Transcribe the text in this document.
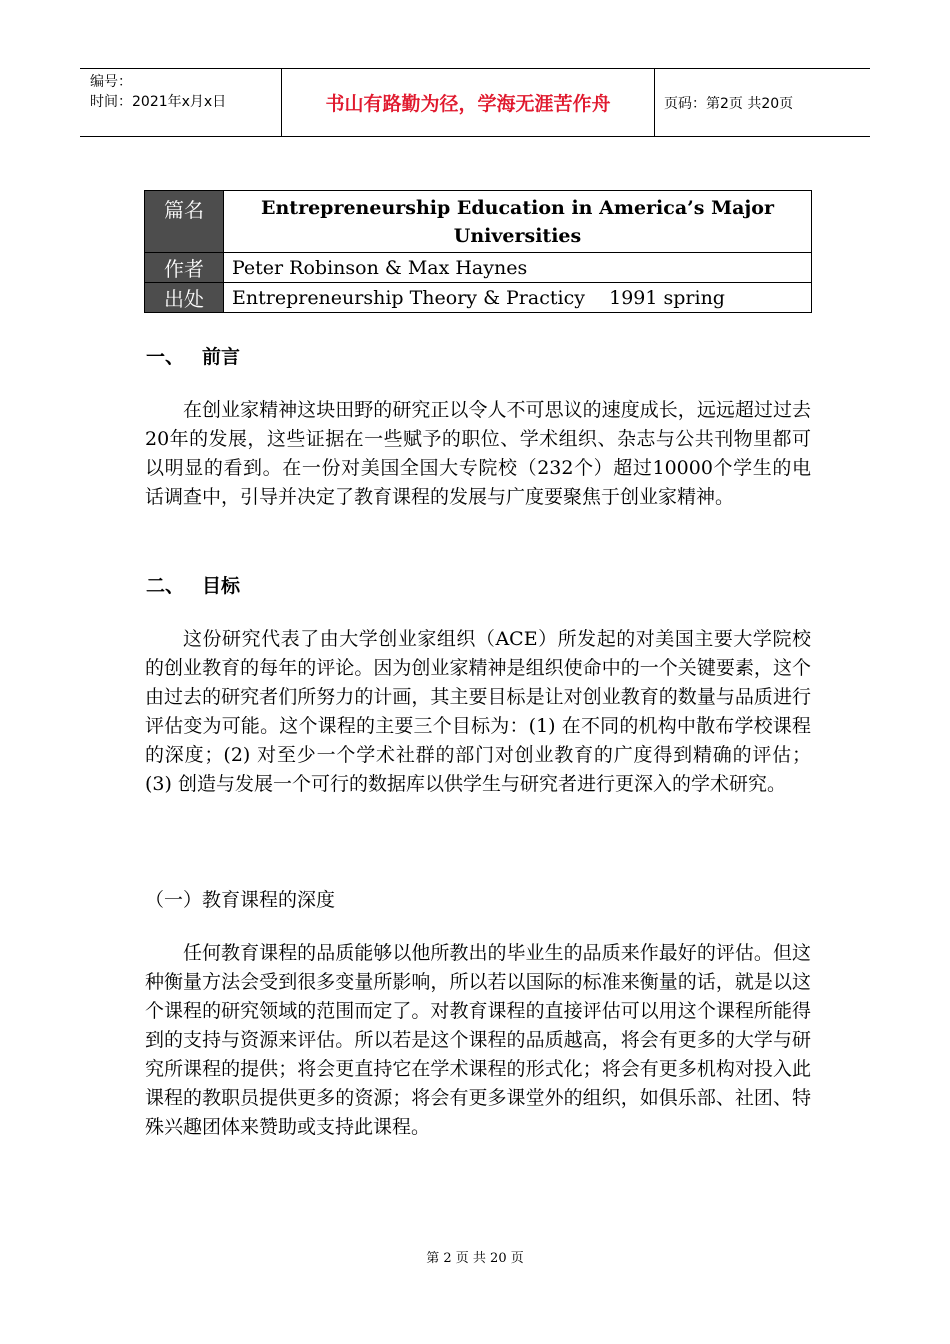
编号：
时间：2021年x月x日	书山有路勤为径，学海无涯苦作舟	页码：第2页 共20页
篇名	Entrepreneurship Education in America’s Major Universities
作者	Peter Robinson & Max Haynes
出处	Entrepreneurship Theory & Practicy    1991 spring
一、 前言

在创业家精神这块田野的研究正以令人不可思议的速度成长，远远超过过去20年的发展，这些证据在一些赋予的职位、学术组织、杂志与公共刊物里都可以明显的看到。在一份对美国全国大专院校（232个）超过10000个学生的电话调查中，引导并决定了教育课程的发展与广度要聚焦于创业家精神。

二、 目标

这份研究代表了由大学创业家组织（ACE）所发起的对美国主要大学院校的创业教育的每年的评论。因为创业家精神是组织使命中的一个关键要素，这个由过去的研究者们所努力的计画，其主要目标是让对创业教育的数量与品质进行评估变为可能。这个课程的主要三个目标为：(1) 在不同的机构中散布学校课程的深度；(2) 对至少一个学术社群的部门对创业教育的广度得到精确的评估；(3) 创造与发展一个可行的数据库以供学生与研究者进行更深入的学术研究。

（一）教育课程的深度

任何教育课程的品质能够以他所教出的毕业生的品质来作最好的评估。但这种衡量方法会受到很多变量所影响，所以若以国际的标准来衡量的话，就是以这个课程的研究领域的范围而定了。对教育课程的直接评估可以用这个课程所能得到的支持与资源来评估。所以若是这个课程的品质越高，将会有更多的大学与研究所课程的提供；将会更直持它在学术课程的形式化；将会有更多机构对投入此课程的教职员提供更多的资源；将会有更多课堂外的组织，如俱乐部、社团、特殊兴趣团体来赞助或支持此课程。

第 2 页 共 20 页
